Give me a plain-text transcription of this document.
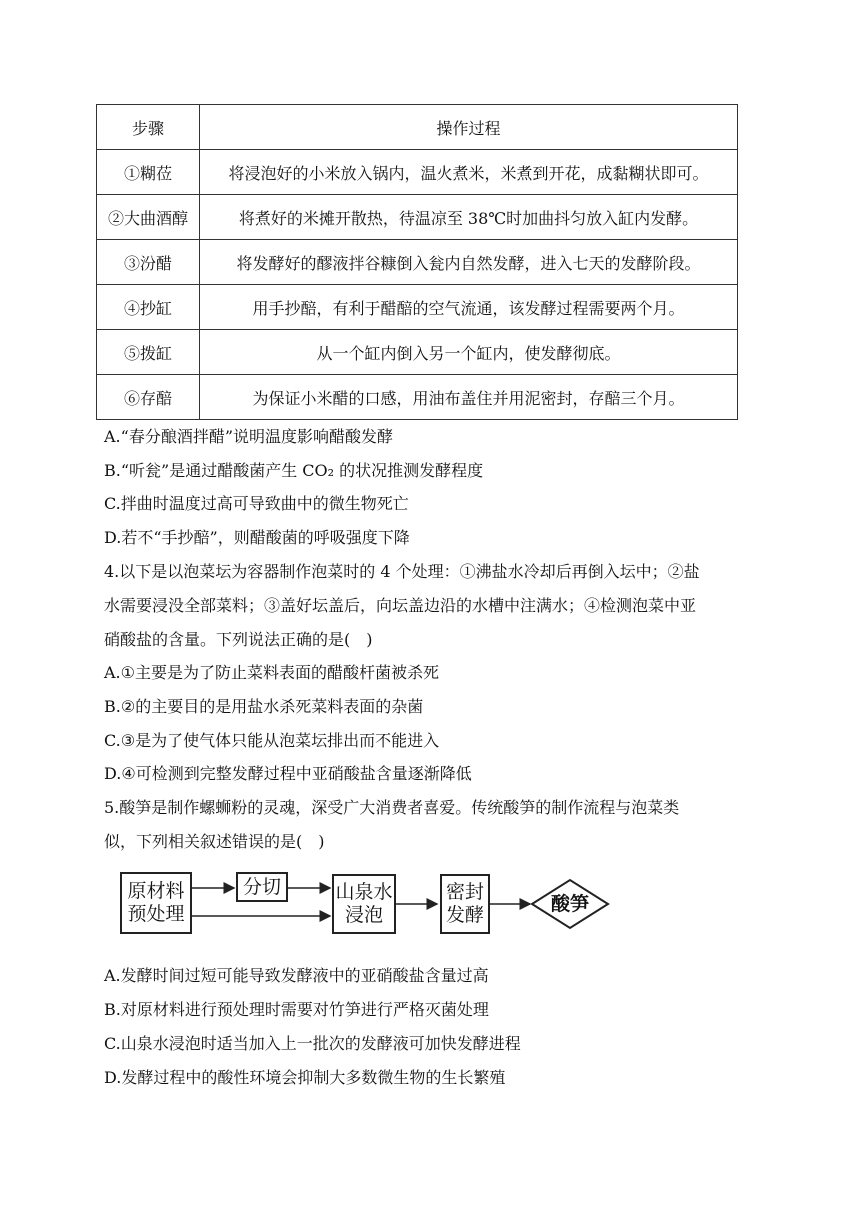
步骤	操作过程
①糊莅	将浸泡好的小米放入锅内，温火煮米，米煮到开花，成黏糊状即可。
②大曲酒醇	将煮好的米摊开散热，待温凉至 38℃时加曲抖匀放入缸内发酵。
③汾醋	将发酵好的醪液拌谷糠倒入瓮内自然发酵，进入七天的发酵阶段。
④抄缸	用手抄醅，有利于醋醅的空气流通，该发酵过程需要两个月。
⑤拨缸	从一个缸内倒入另一个缸内，使发酵彻底。
⑥存醅	为保证小米醋的口感，用油布盖住并用泥密封，存醅三个月。
A.“春分酿酒拌醋”说明温度影响醋酸发酵
B.“听瓮”是通过醋酸菌产生 CO₂ 的状况推测发酵程度
C.拌曲时温度过高可导致曲中的微生物死亡
D.若不“手抄醅”，则醋酸菌的呼吸强度下降
4.以下是以泡菜坛为容器制作泡菜时的 4 个处理：①沸盐水冷却后再倒入坛中；②盐
水需要浸没全部菜料；③盖好坛盖后，向坛盖边沿的水槽中注满水；④检测泡菜中亚
硝酸盐的含量。下列说法正确的是(　)
A.①主要是为了防止菜料表面的醋酸杆菌被杀死
B.②的主要目的是用盐水杀死菜料表面的杂菌
C.③是为了使气体只能从泡菜坛排出而不能进入
D.④可检测到完整发酵过程中亚硝酸盐含量逐渐降低
5.酸笋是制作螺蛳粉的灵魂，深受广大消费者喜爱。传统酸笋的制作流程与泡菜类
似，下列相关叙述错误的是(　)
原材料
预处理
分切	山泉水
浸泡
密封
发酵	酸笋
A.发酵时间过短可能导致发酵液中的亚硝酸盐含量过高
B.对原材料进行预处理时需要对竹笋进行严格灭菌处理
C.山泉水浸泡时适当加入上一批次的发酵液可加快发酵进程
D.发酵过程中的酸性环境会抑制大多数微生物的生长繁殖
